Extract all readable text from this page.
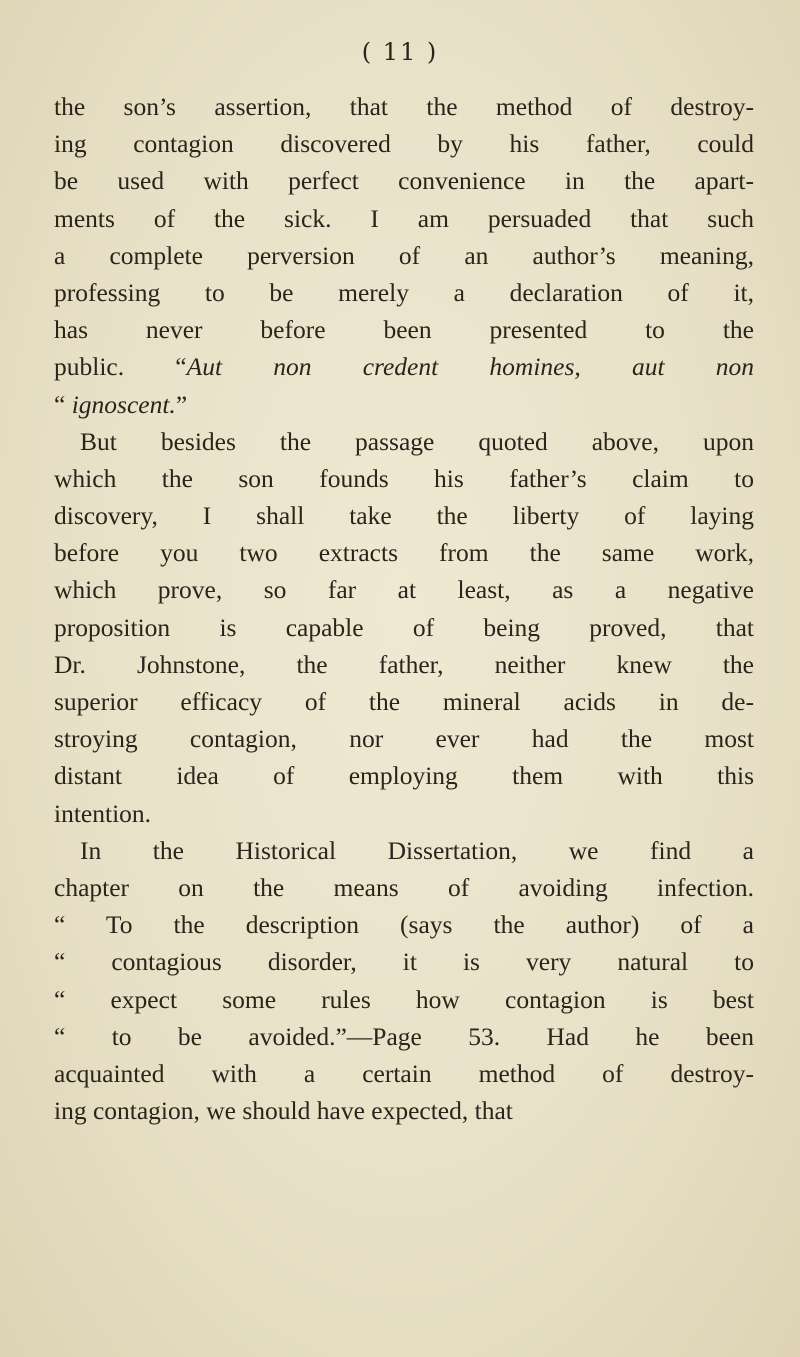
( 11 )
the son’s assertion, that the method of destroy-
ing contagion discovered by his father, could
be used with perfect convenience in the apart-
ments of the sick. I am persuaded that such
a complete perversion of an author’s meaning,
professing to be merely a declaration of it,
has never before been presented to the
public. “Aut non credent homines, aut non
“ ignoscent.”
But besides the passage quoted above, upon
which the son founds his father’s claim to
discovery, I shall take the liberty of laying
before you two extracts from the same work,
which prove, so far at least, as a negative
proposition is capable of being proved, that
Dr. Johnstone, the father, neither knew the
superior efficacy of the mineral acids in de-
stroying contagion, nor ever had the most
distant idea of employing them with this
intention.
In the Historical Dissertation, we find a
chapter on the means of avoiding infection.
“ To the description (says the author) of a
“ contagious disorder, it is very natural to
“ expect some rules how contagion is best
“ to be avoided.”—Page 53. Had he been
acquainted with a certain method of destroy-
ing contagion, we should have expected, that
